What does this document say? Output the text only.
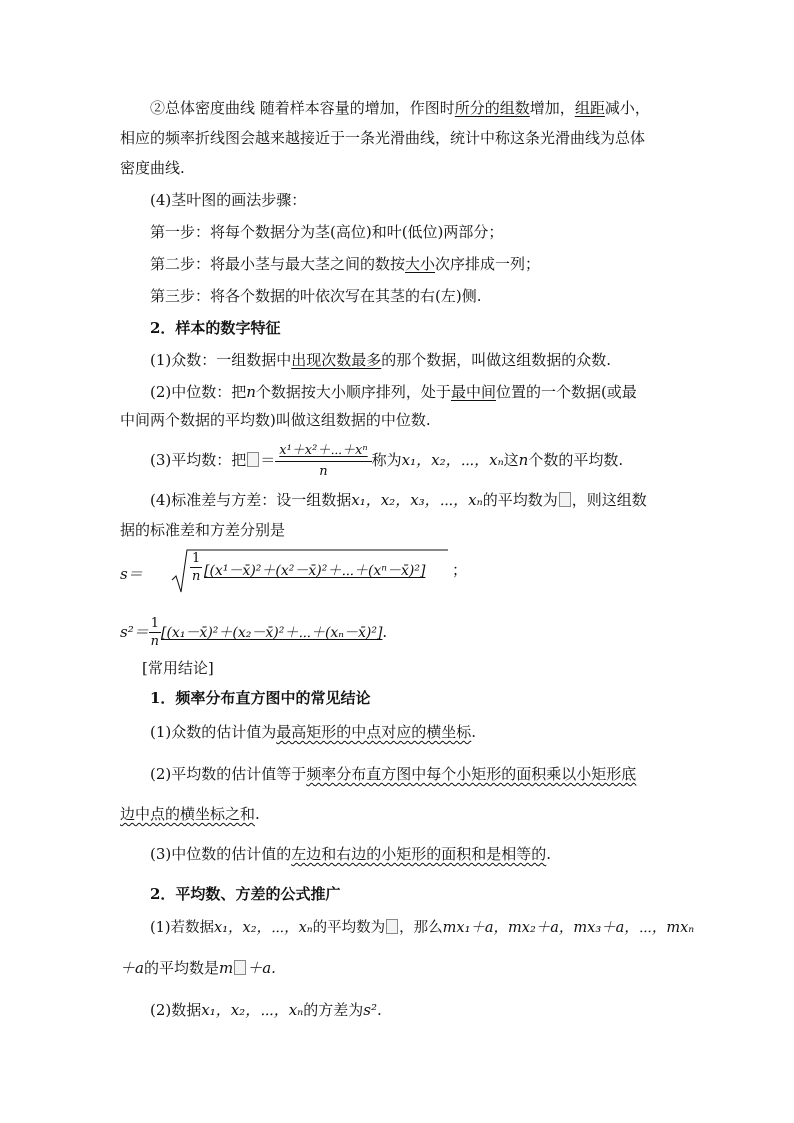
②总体密度曲线 随着样本容量的增加，作图时所分的组数增加，组距减小，
相应的频率折线图会越来越接近于一条光滑曲线，统计中称这条光滑曲线为总体
密度曲线.
(4)茎叶图的画法步骤：
第一步：将每个数据分为茎(高位)和叶(低位)两部分；
第二步：将最小茎与最大茎之间的数按大小次序排成一列；
第三步：将各个数据的叶依次写在其茎的右(左)侧.
2．样本的数字特征
(1)众数：一组数据中出现次数最多的那个数据，叫做这组数据的众数.
(2)中位数：把n个数据按大小顺序排列，处于最中间位置的一个数据(或最
中间两个数据的平均数)叫做这组数据的中位数.
(3)平均数：把 ＝ $\frac{\text{x¹＋x²＋⋯＋xⁿ}}{n}$ 称为x₁，x₂，⋯，xₙ这n个数的平均数.
(4)标准差与方差：设一组数据x₁，x₂，x₃，⋯，xₙ的平均数为 ，则这组数
据的标准差和方差分别是
s＝	$\frac{1}{n}$ [(x¹－x̄)²＋(x²－x̄)²＋⋯＋(xⁿ－x̄)²] ；
$s^2= \frac{1}{n}$ [(x₁－x̄)²＋(x₂－x̄)²＋⋯＋(xₙ－x̄)²].
[常用结论]
1．频率分布直方图中的常见结论
(1)众数的估计值为最高矩形的中点对应的横坐标.
(2)平均数的估计值等于频率分布直方图中每个小矩形的面积乘以小矩形底
边中点的横坐标之和.
(3)中位数的估计值的左边和右边的小矩形的面积和是相等的.
2．平均数、方差的公式推广
(1)若数据x₁，x₂，⋯，xₙ的平均数为 ，那么mx₁＋a，mx₂＋a，mx₃＋a，⋯，mxₙ
＋a的平均数是m ＋a.
(2)数据x₁，x₂，⋯，xₙ的方差为s².
